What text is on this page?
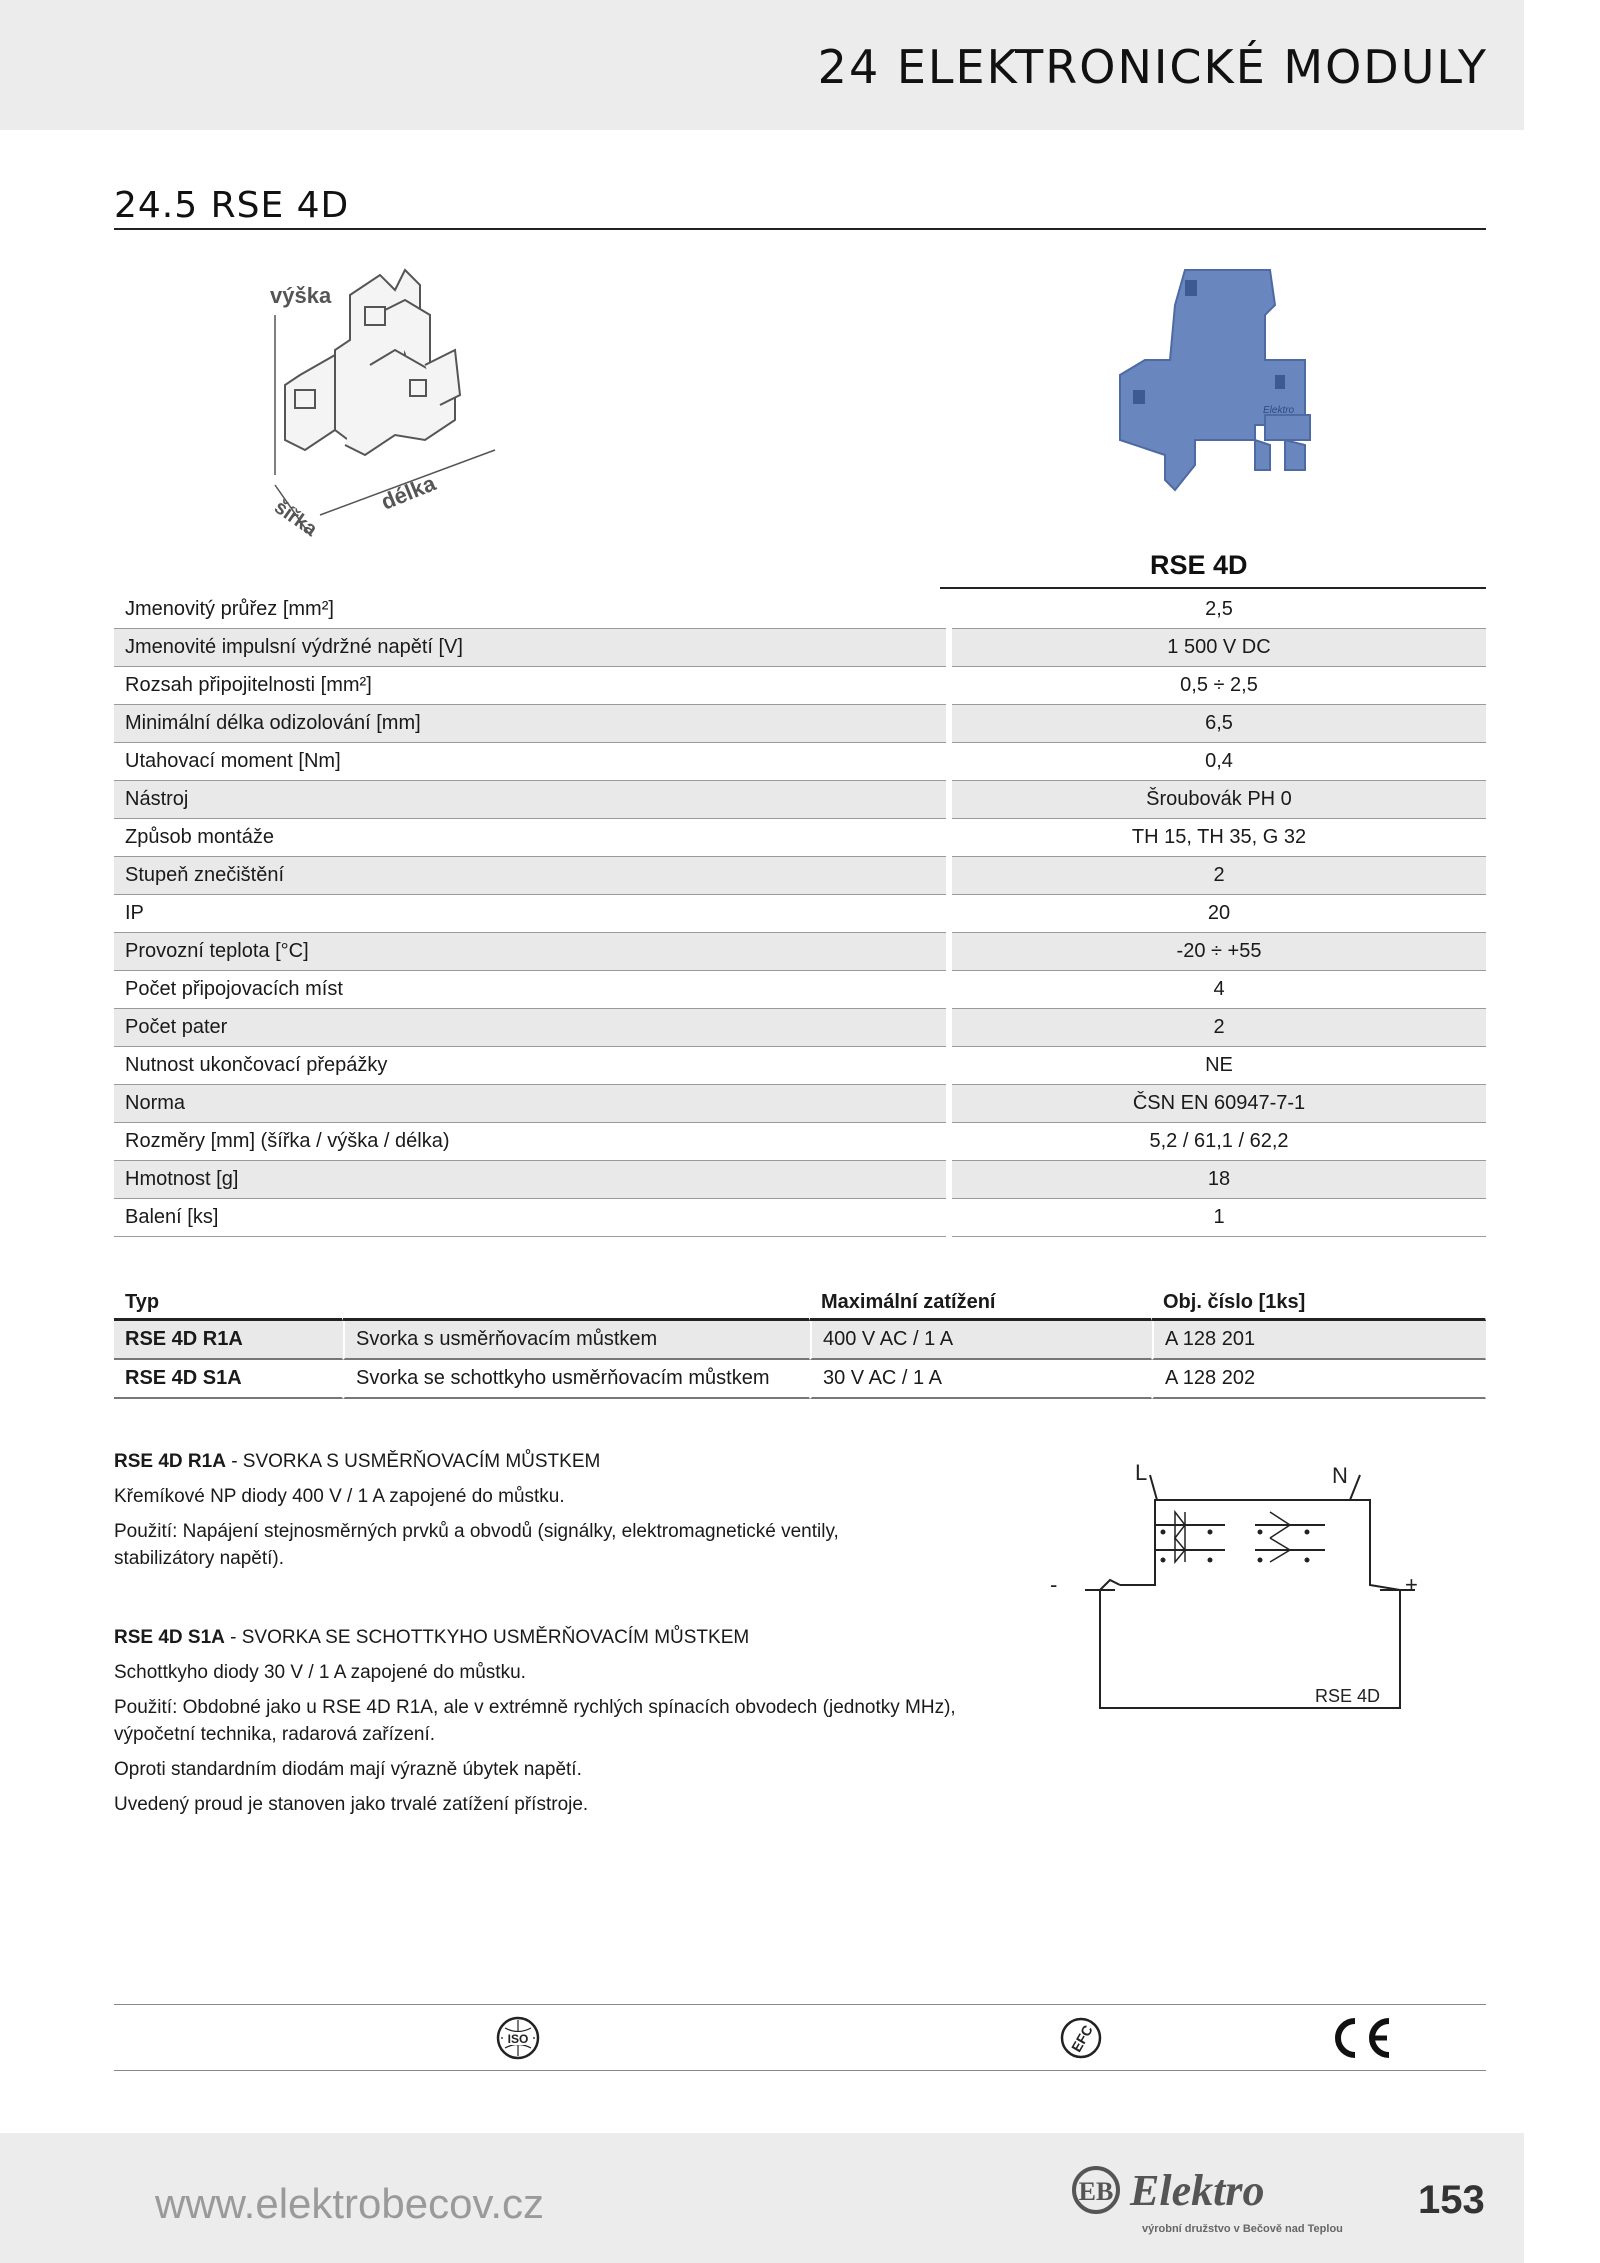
24 ELEKTRONICKÉ MODULY
24.5 RSE 4D
výška
šířka
délka
Elektro
RSE 4D
Jmenovitý průřez [mm²]		2,5
Jmenovité impulsní výdržné napětí [V]		1 500 V DC
Rozsah připojitelnosti [mm²]		0,5 ÷ 2,5
Minimální délka odizolování [mm]		6,5
Utahovací moment [Nm]		0,4
Nástroj		Šroubovák PH 0
Způsob montáže		TH 15, TH 35, G 32
Stupeň znečištění		2
IP		20
Provozní teplota [°C]		-20 ÷ +55
Počet připojovacích míst		4
Počet pater		2
Nutnost ukončovací přepážky		NE
Norma		ČSN EN 60947-7-1
Rozměry [mm] (šířka / výška / délka)		5,2 / 61,1 / 62,2
Hmotnost [g]		18
Balení [ks]		1
Typ		Maximální zatížení	Obj. číslo [1ks]
RSE 4D R1A	Svorka s usměrňovacím můstkem	400 V AC / 1 A	A 128 201
RSE 4D S1A	Svorka se schottkyho usměrňovacím můstkem	30 V AC / 1 A	A 128 202
RSE 4D R1A - SVORKA S USMĚRŇOVACÍM MŮSTKEM
Křemíkové NP diody 400 V / 1 A zapojené do můstku.
Použití: Napájení stejnosměrných prvků a obvodů (signálky, elektromagnetické ventily, stabilizátory napětí).
RSE 4D S1A - SVORKA SE SCHOTTKYHO USMĚRŇOVACÍM MŮSTKEM
Schottkyho diody 30 V / 1 A zapojené do můstku.
Použití: Obdobné jako u RSE 4D R1A, ale v extrémně rychlých spínacích obvodech (jednotky MHz), výpočetní technika, radarová zařízení.
Oproti standardním diodám mají výrazně úbytek napětí.
Uvedený proud je stanoven jako trvalé zatížení přístroje.
L	N
-	+
RSE 4D
ISO	EFC
www.elektrobecov.cz	EB Elektro
výrobní družstvo v Bečově nad Teplou
153
